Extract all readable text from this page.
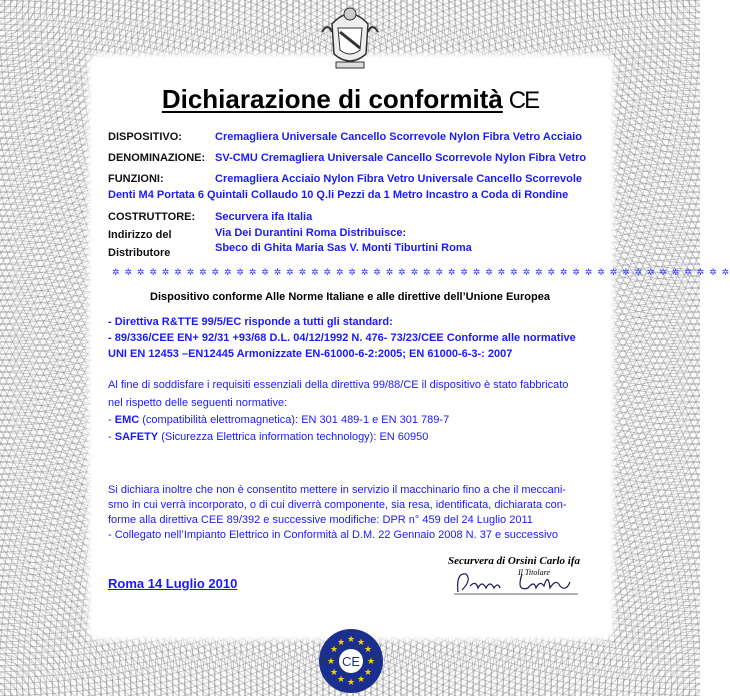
Dichiarazione di conformità CE
DISPOSITIVO:	Cremagliera Universale Cancello Scorrevole Nylon Fibra Vetro Acciaio
DENOMINAZIONE: SV-CMU Cremagliera Universale Cancello Scorrevole Nylon Fibra Vetro
FUNZIONI:	Cremagliera Acciaio Nylon Fibra Vetro Universale Cancello Scorrevole
Denti M4 Portata 6 Quintali Collaudo 10 Q.li Pezzi da 1 Metro Incastro a Coda di Rondine
COSTRUTTORE: Securvera ifa Italia
Indirizzo del	Via Dei Durantini Roma Distribuisce:
Distributore	Sbeco di Ghita Maria Sas V. Monti Tiburtini Roma
✲ ✲ ✲ ✲ ✲ ✲ ✲ ✲ ✲ ✲ ✲ ✲ ✲ ✲ ✲ ✲ ✲ ✲ ✲ ✲ ✲ ✲ ✲ ✲ ✲ ✲ ✲ ✲ ✲ ✲ ✲ ✲ ✲ ✲ ✲ ✲ ✲ ✲ ✲ ✲ ✲ ✲ ✲ ✲ ✲ ✲ ✲ ✲ ✲ ✲
Dispositivo conforme Alle Norme Italiane e alle direttive dell’Unione Europea
- Direttiva R&TTE 99/5/EC risponde a tutti gli standard:
- 89/336/CEE EN+ 92/31 +93/68 D.L. 04/12/1992 N. 476- 73/23/CEE Conforme alle normative
UNI EN 12453 –EN12445 Armonizzate EN-61000-6-2:2005; EN 61000-6-3-: 2007
Al fine di soddisfare i requisiti essenziali della direttiva 99/88/CE il dispositivo è stato fabbricato
nel rispetto delle seguenti normative:
- EMC (compatibilità elettromagnetica): EN 301 489-1 e EN 301 789-7
- SAFETY (Sicurezza Elettrica information technology): EN 60950
Si dichiara inoltre che non è consentito mettere in servizio il macchinario fino a che il meccani-
smo in cui verrà incorporato, o di cui diverrà componente, sia resa, identificata, dichiarata con-
forme alla direttiva CEE 89/392 e successive modifiche: DPR n° 459 del 24 Luglio 2011
- Collegato nell’Impianto Elettrico in Conformità al D.M. 22 Gennaio 2008 N. 37 e successivo
Roma 14 Luglio 2010
Securvera di Orsini Carlo ifa
Il Titolare
★ ★
★
★
★
★
★
★
★
★
★
★
CE
